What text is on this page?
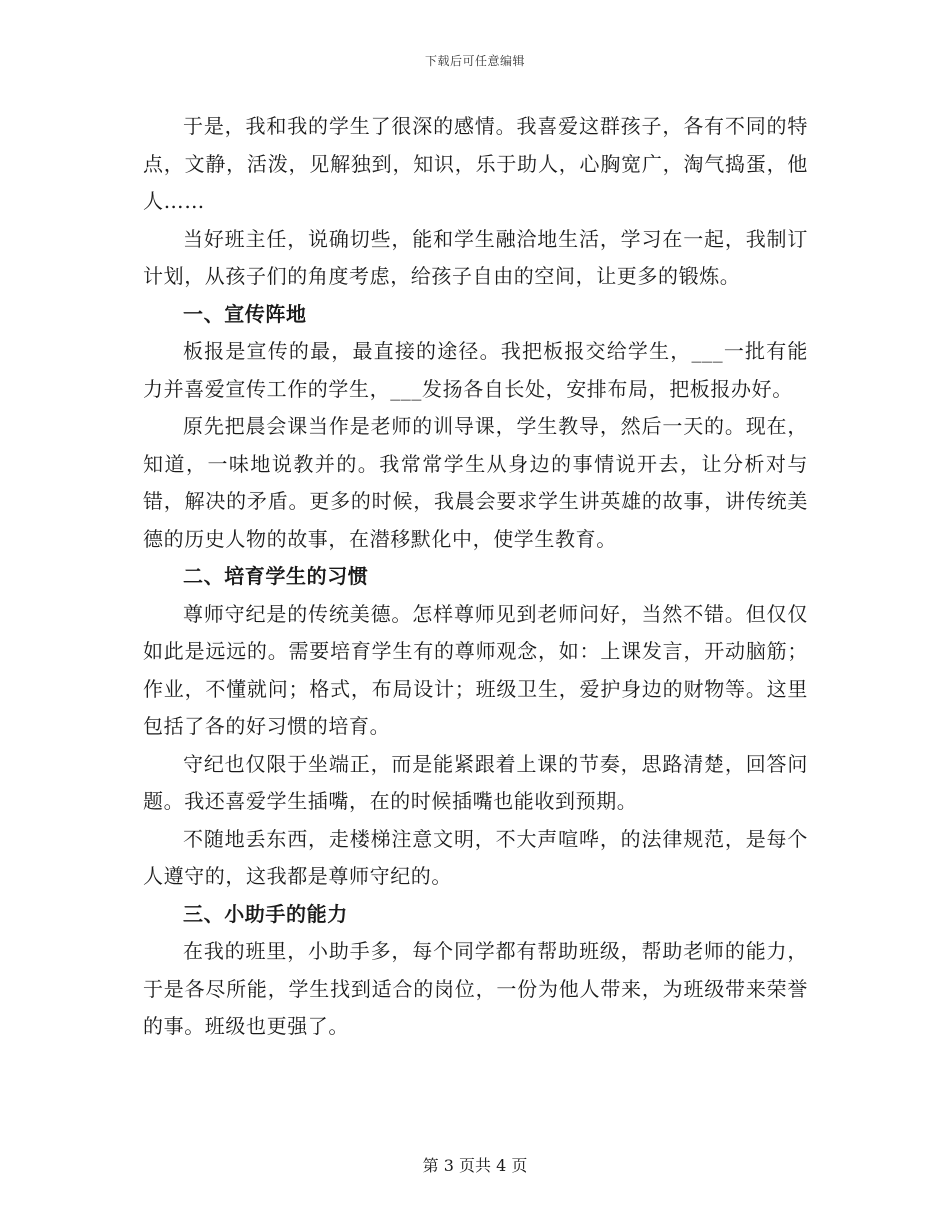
下载后可任意编辑

于是，我和我的学生了很深的感情。我喜爱这群孩子，各有不同的特点，文静，活泼，见解独到，知识，乐于助人，心胸宽广，淘气捣蛋，他人……

当好班主任，说确切些，能和学生融洽地生活，学习在一起，我制订计划，从孩子们的角度考虑，给孩子自由的空间，让更多的锻炼。

一、宣传阵地

板报是宣传的最，最直接的途径。我把板报交给学生，___一批有能力并喜爱宣传工作的学生，___发扬各自长处，安排布局，把板报办好。

原先把晨会课当作是老师的训导课，学生教导，然后一天的。现在，知道，一味地说教并的。我常常学生从身边的事情说开去，让分析对与错，解决的矛盾。更多的时候，我晨会要求学生讲英雄的故事，讲传统美德的历史人物的故事，在潜移默化中，使学生教育。

二、培育学生的习惯

尊师守纪是的传统美德。怎样尊师见到老师问好，当然不错。但仅仅如此是远远的。需要培育学生有的尊师观念，如：上课发言，开动脑筋；作业，不懂就问；格式，布局设计；班级卫生，爱护身边的财物等。这里包括了各的好习惯的培育。

守纪也仅限于坐端正，而是能紧跟着上课的节奏，思路清楚，回答问题。我还喜爱学生插嘴，在的时候插嘴也能收到预期。

不随地丢东西，走楼梯注意文明，不大声喧哗，的法律规范，是每个人遵守的，这我都是尊师守纪的。

三、小助手的能力

在我的班里，小助手多，每个同学都有帮助班级，帮助老师的能力，于是各尽所能，学生找到适合的岗位，一份为他人带来，为班级带来荣誉的事。班级也更强了。

第 3 页共 4 页
